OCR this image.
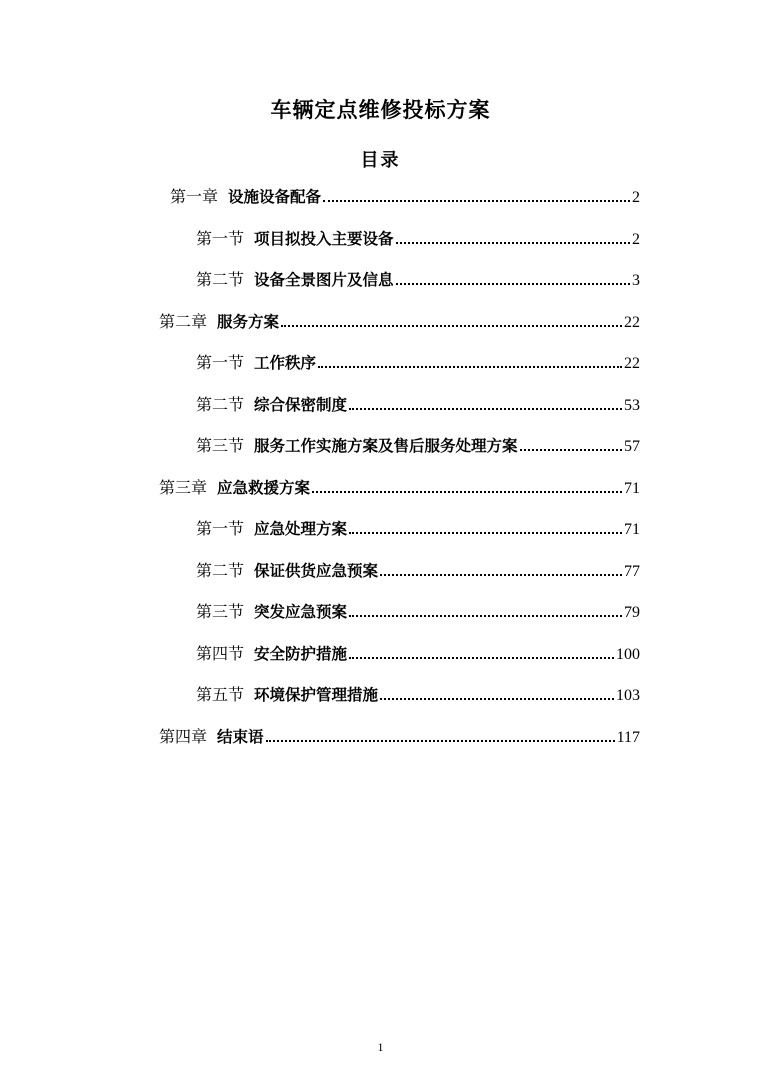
车辆定点维修投标方案
目录
第一章 设施设备配备	2
第一节 项目拟投入主要设备	2
第二节 设备全景图片及信息	3
第二章 服务方案	22
第一节 工作秩序	22
第二节 综合保密制度	53
第三节 服务工作实施方案及售后服务处理方案	57
第三章 应急救援方案	71
第一节 应急处理方案	71
第二节 保证供货应急预案	77
第三节 突发应急预案	79
第四节 安全防护措施	100
第五节 环境保护管理措施	103
第四章 结束语	117
1
